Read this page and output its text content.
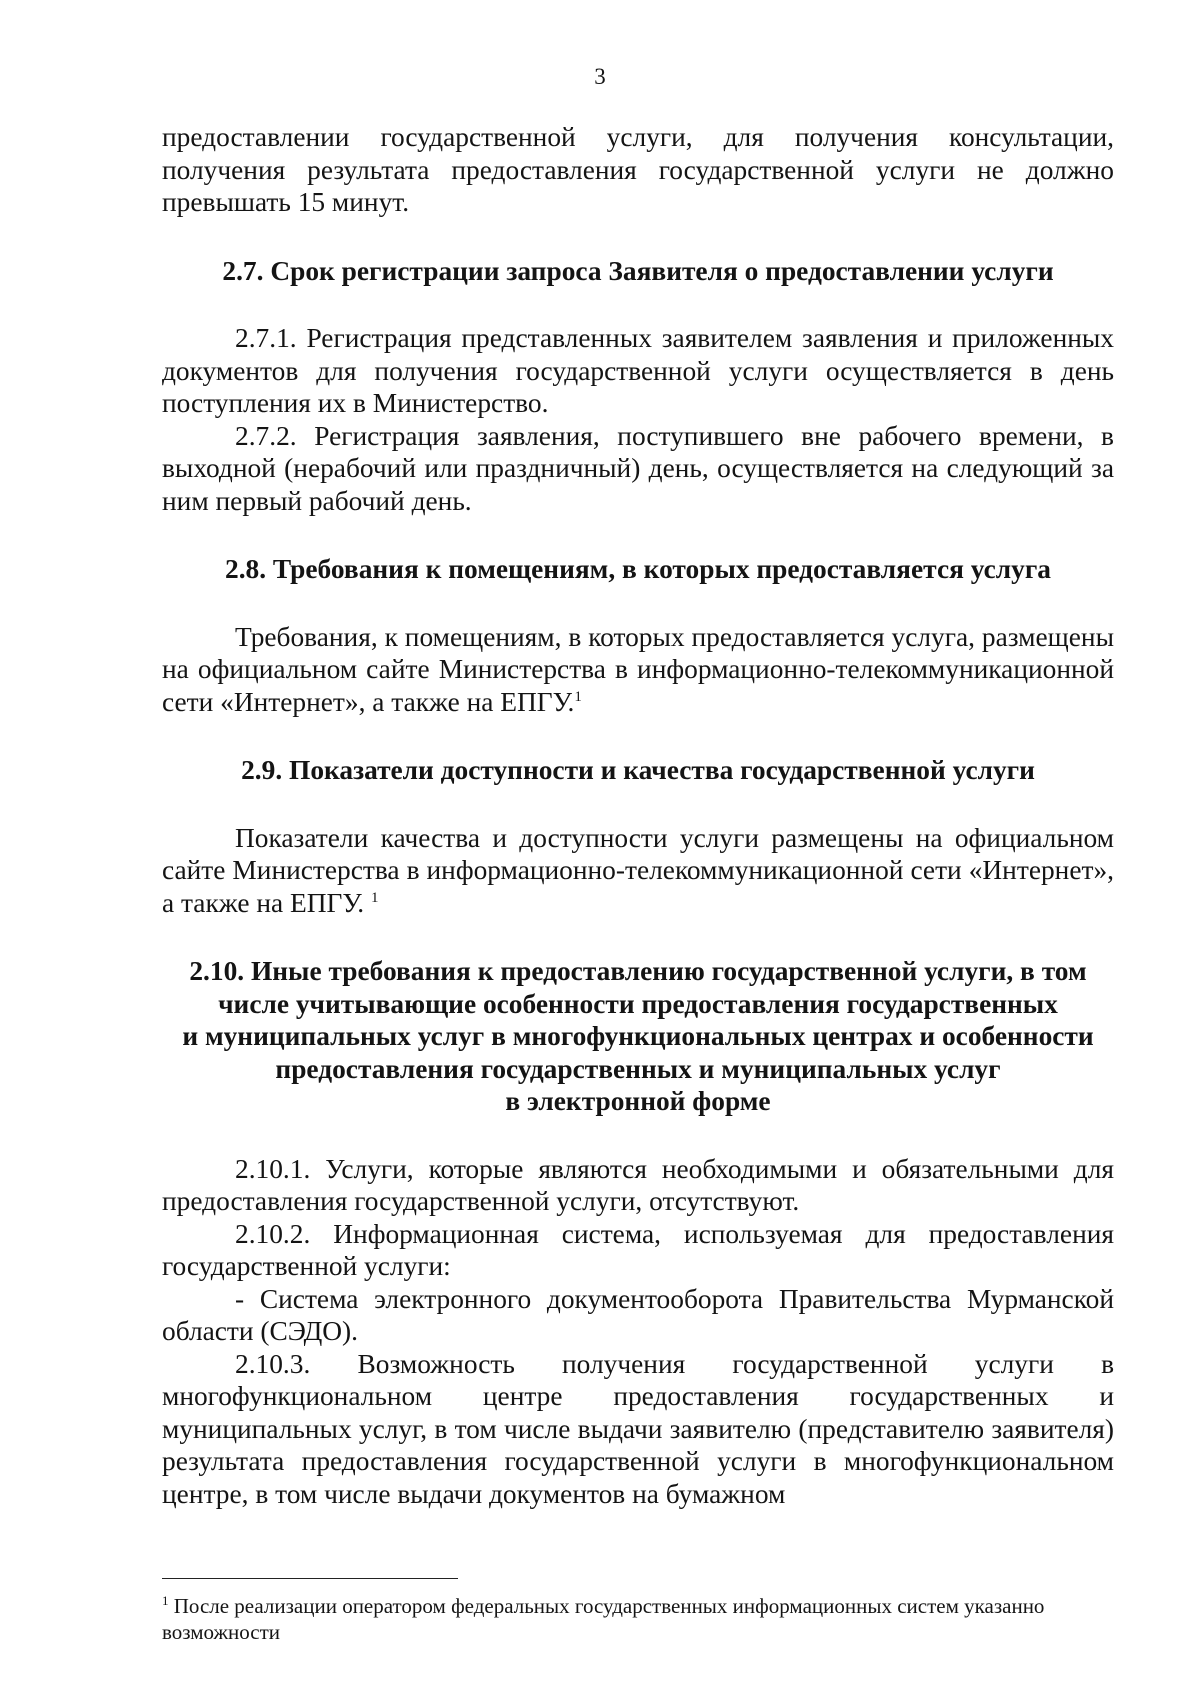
3

предоставлении государственной услуги, для получения консультации, получения результата предоставления государственной услуги не должно превышать 15 минут.

2.7. Срок регистрации запроса Заявителя о предоставлении услуги

2.7.1. Регистрация представленных заявителем заявления и приложенных документов для получения государственной услуги осуществляется в день поступления их в Министерство.

2.7.2. Регистрация заявления, поступившего вне рабочего времени, в выходной (нерабочий или праздничный) день, осуществляется на следующий за ним первый рабочий день.

2.8. Требования к помещениям, в которых предоставляется услуга

Требования, к помещениям, в которых предоставляется услуга, размещены на официальном сайте Министерства в информационно-телекоммуникационной сети «Интернет», а также на ЕПГУ.$^1$

2.9. Показатели доступности и качества государственной услуги

Показатели качества и доступности услуги размещены на официальном сайте Министерства в информационно-телекоммуникационной сети «Интернет», а также на ЕПГУ. $^1$

2.10. Иные требования к предоставлению государственной услуги, в том
числе учитывающие особенности предоставления государственных
и муниципальных услуг в многофункциональных центрах и особенности
предоставления государственных и муниципальных услуг
в электронной форме

2.10.1. Услуги, которые являются необходимыми и обязательными для предоставления государственной услуги, отсутствуют.

2.10.2. Информационная система, используемая для предоставления государственной услуги:

- Система электронного документооборота Правительства Мурманской области (СЭДО).

2.10.3. Возможность получения государственной услуги в многофункциональном центре предоставления государственных и муниципальных услуг, в том числе выдачи заявителю (представителю заявителя) результата предоставления государственной услуги в многофункциональном центре, в том числе выдачи документов на бумажном

$^1$ После реализации оператором федеральных государственных информационных систем указанно возможности
